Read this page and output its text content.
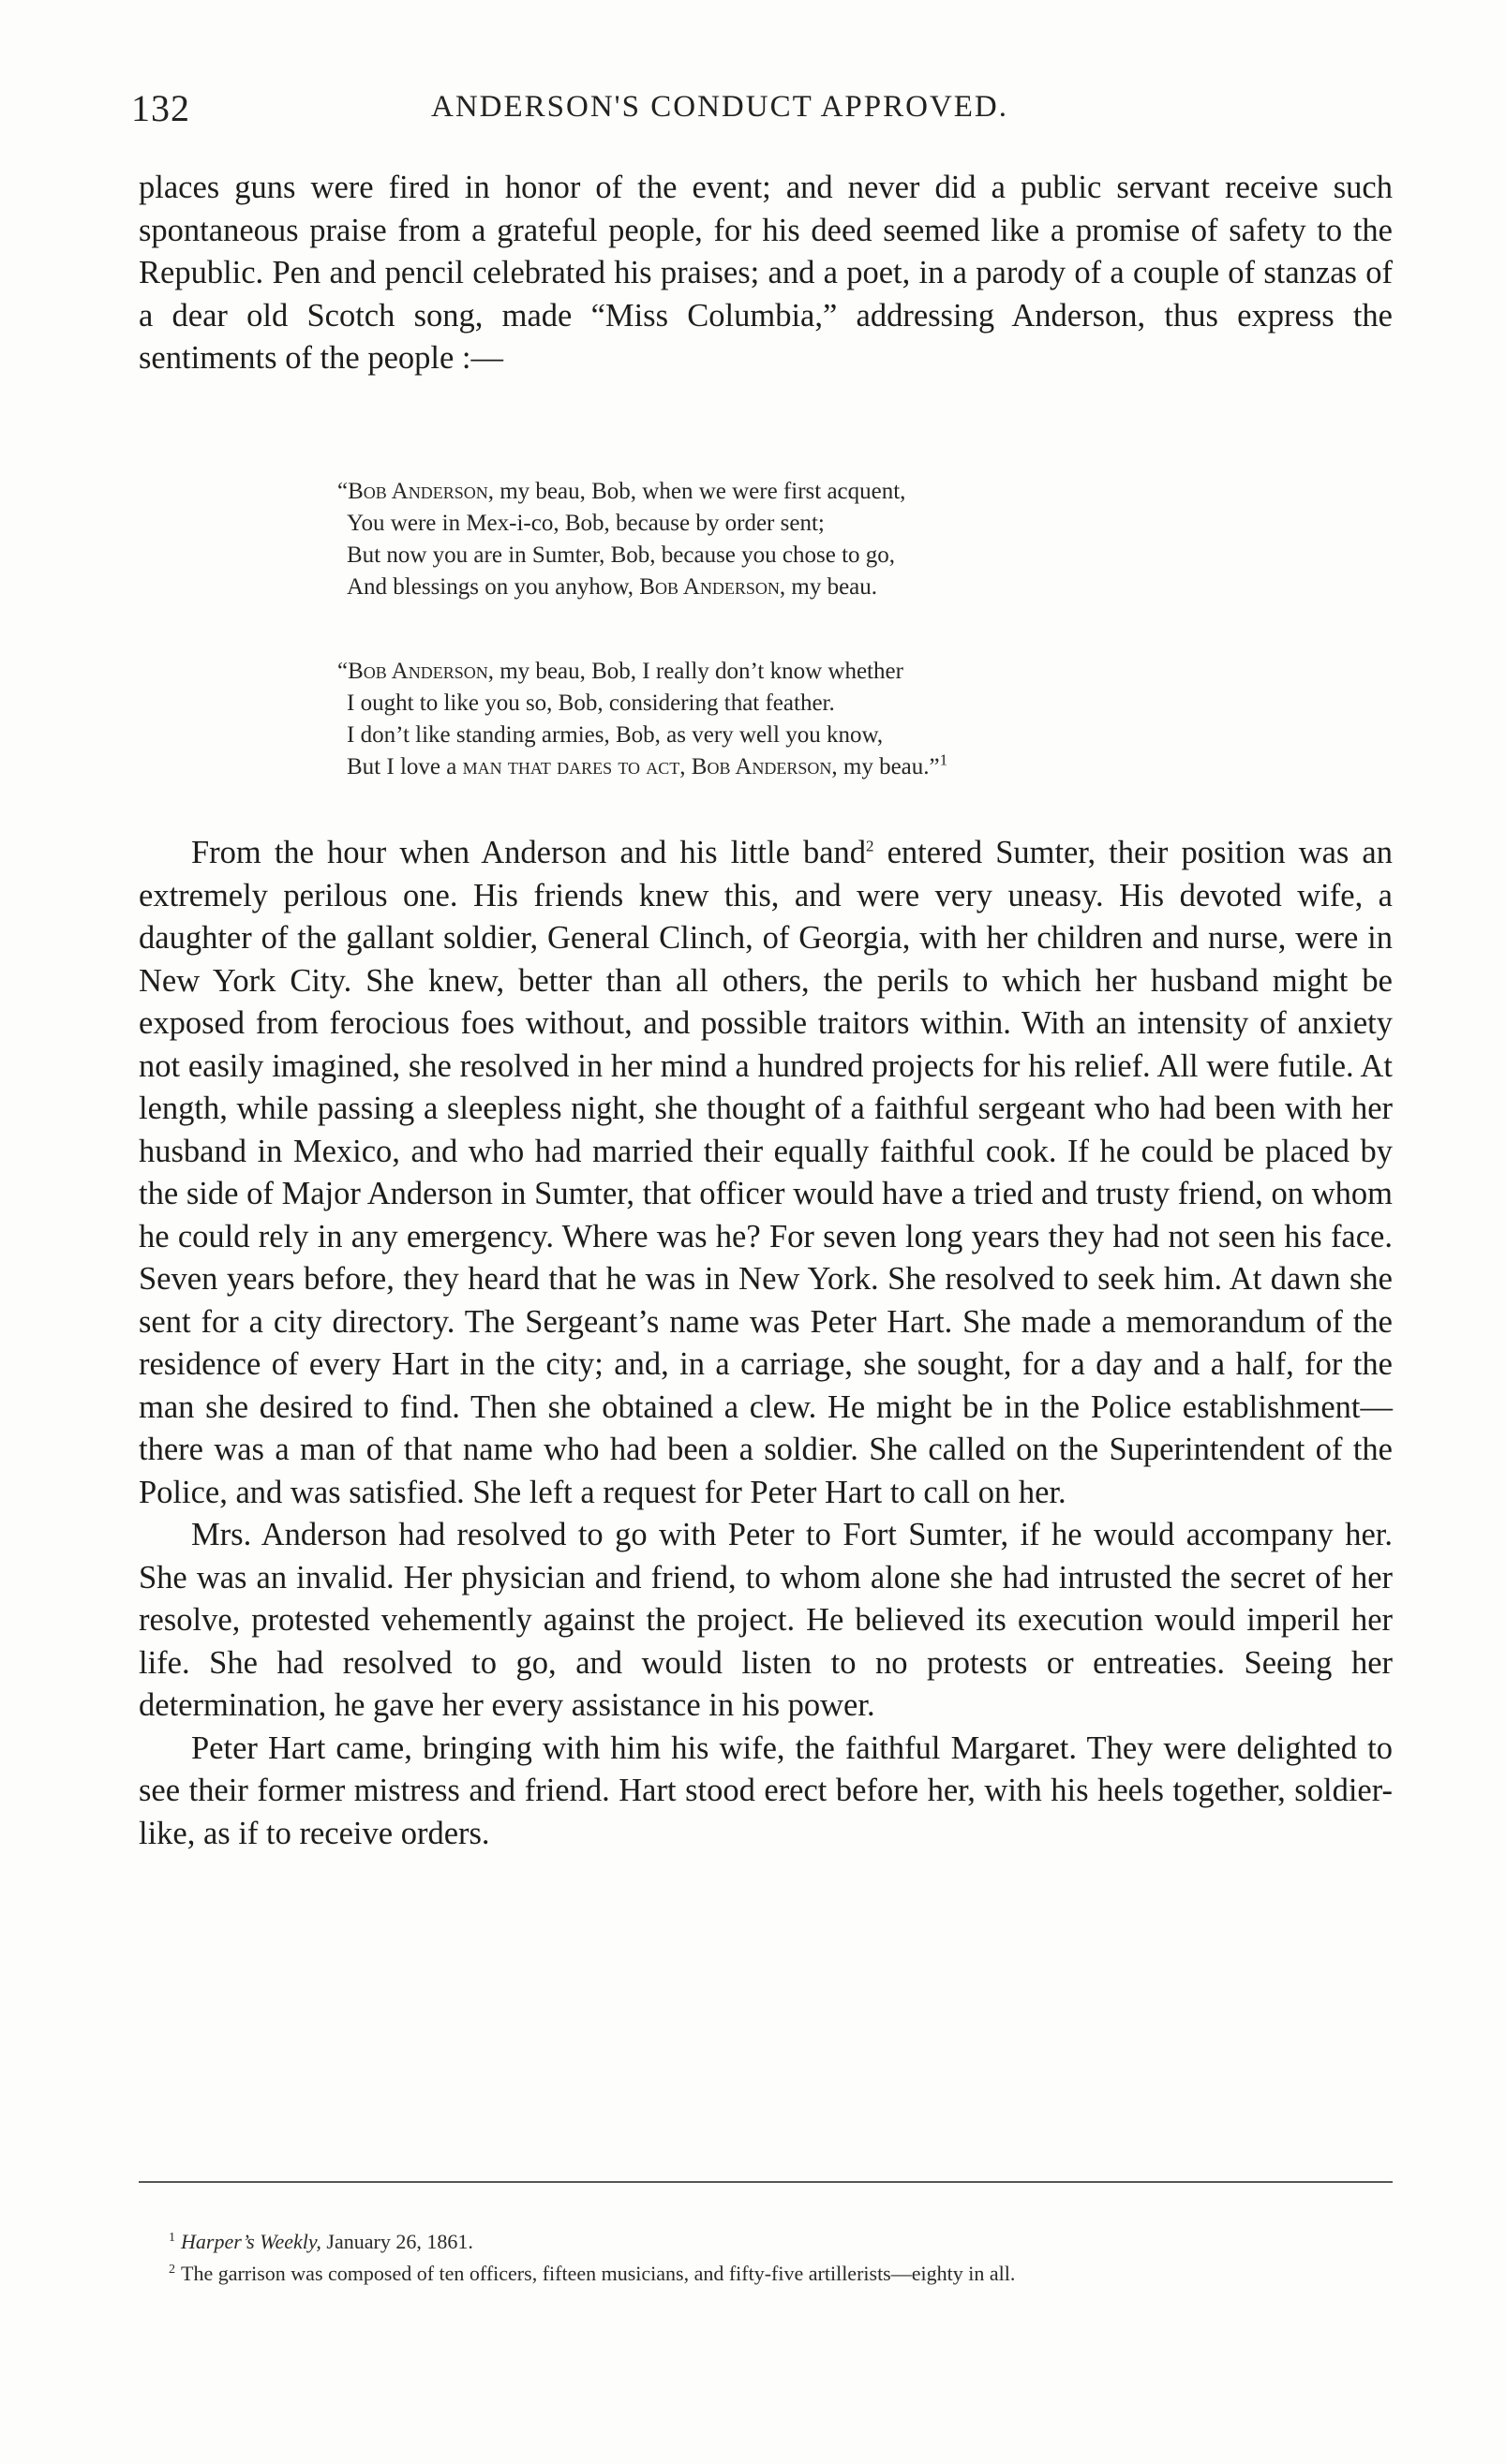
132	ANDERSON'S CONDUCT APPROVED.

places guns were fired in honor of the event; and never did a public servant receive such spontaneous praise from a grateful people, for his deed seemed like a promise of safety to the Republic. Pen and pencil celebrated his praises; and a poet, in a parody of a couple of stanzas of a dear old Scotch song, made “Miss Columbia,” addressing Anderson, thus express the sentiments of the people :—

“Bob Anderson, my beau, Bob, when we were first acquent,
You were in Mex-i-co, Bob, because by order sent;
But now you are in Sumter, Bob, because you chose to go,
And blessings on you anyhow, Bob Anderson, my beau.
“Bob Anderson, my beau, Bob, I really don’t know whether
I ought to like you so, Bob, considering that feather.
I don’t like standing armies, Bob, as very well you know,
But I love a man that dares to act, Bob Anderson, my beau.”$^1$

From the hour when Anderson and his little band$^2$ entered Sumter, their position was an extremely perilous one. His friends knew this, and were very uneasy. His devoted wife, a daughter of the gallant soldier, General Clinch, of Georgia, with her children and nurse, were in New York City. She knew, better than all others, the perils to which her husband might be exposed from ferocious foes without, and possible traitors within. With an intensity of anxiety not easily imagined, she resolved in her mind a hundred projects for his relief. All were futile. At length, while passing a sleepless night, she thought of a faithful sergeant who had been with her husband in Mexico, and who had married their equally faithful cook. If he could be placed by the side of Major Anderson in Sumter, that officer would have a tried and trusty friend, on whom he could rely in any emergency. Where was he? For seven long years they had not seen his face. Seven years before, they heard that he was in New York. She resolved to seek him. At dawn she sent for a city directory. The Sergeant’s name was Peter Hart. She made a memorandum of the residence of every Hart in the city; and, in a carriage, she sought, for a day and a half, for the man she desired to find. Then she obtained a clew. He might be in the Police establishment—there was a man of that name who had been a soldier. She called on the Superintendent of the Police, and was satisfied. She left a request for Peter Hart to call on her.

Mrs. Anderson had resolved to go with Peter to Fort Sumter, if he would accompany her. She was an invalid. Her physician and friend, to whom alone she had intrusted the secret of her resolve, protested vehemently against the project. He believed its execution would imperil her life. She had resolved to go, and would listen to no protests or entreaties. Seeing her determination, he gave her every assistance in his power.

Peter Hart came, bringing with him his wife, the faithful Margaret. They were delighted to see their former mistress and friend. Hart stood erect before her, with his heels together, soldier-like, as if to receive orders.

$^1$ Harper’s Weekly, January 26, 1861.
$^2$ The garrison was composed of ten officers, fifteen musicians, and fifty-five artillerists—eighty in all.
